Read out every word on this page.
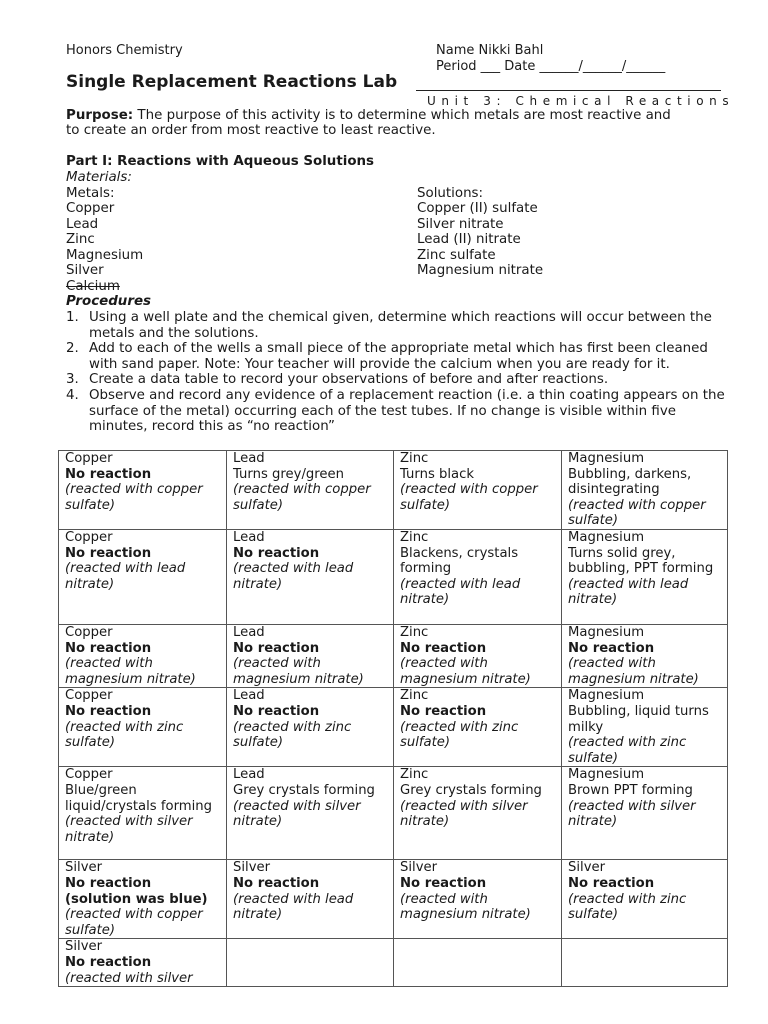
Honors Chemistry	Name Nikki Bahl
Period ___ Date ______/______/______
Single Replacement Reactions Lab
Unit 3: Chemical Reactions
Purpose: The purpose of this activity is to determine which metals are most reactive and
to create an order from most reactive to least reactive.
Part I: Reactions with Aqueous Solutions
Materials:
Metals:
Copper
Lead
Zinc
Magnesium
Silver
Calcium
Solutions:
Copper (II) sulfate
Silver nitrate
Lead (II) nitrate
Zinc sulfate
Magnesium nitrate
Procedures
1. Using a well plate and the chemical given, determine which reactions will occur between the metals and the solutions.
2. Add to each of the wells a small piece of the appropriate metal which has first been cleaned with sand paper. Note: Your teacher will provide the calcium when you are ready for it.
3. Create a data table to record your observations of before and after reactions.
4. Observe and record any evidence of a replacement reaction (i.e. a thin coating appears on the surface of the metal) occurring each of the test tubes. If no change is visible within five minutes, record this as “no reaction”
Copper
No reaction
(reacted with copper sulfate)	Lead
Turns grey/green
(reacted with copper sulfate)	Zinc
Turns black
(reacted with copper sulfate)	Magnesium
Bubbling, darkens, disintegrating
(reacted with copper sulfate)

Copper
No reaction
(reacted with lead nitrate)	Lead
No reaction
(reacted with lead nitrate)	Zinc
Blackens, crystals forming
(reacted with lead nitrate)	Magnesium
Turns solid grey, bubbling, PPT forming
(reacted with lead nitrate)

Copper
No reaction
(reacted with magnesium nitrate)	Lead
No reaction
(reacted with magnesium nitrate)	Zinc
No reaction
(reacted with magnesium nitrate)	Magnesium
No reaction
(reacted with magnesium nitrate)

Copper
No reaction
(reacted with zinc sulfate)	Lead
No reaction
(reacted with zinc sulfate)	Zinc
No reaction
(reacted with zinc sulfate)	Magnesium
Bubbling, liquid turns milky
(reacted with zinc sulfate)

Copper
Blue/green liquid/crystals forming
(reacted with silver nitrate)	Lead
Grey crystals forming
(reacted with silver nitrate)	Zinc
Grey crystals forming
(reacted with silver nitrate)	Magnesium
Brown PPT forming
(reacted with silver nitrate)

Silver
No reaction (solution was blue)
(reacted with copper sulfate)	Silver
No reaction
(reacted with lead nitrate)	Silver
No reaction
(reacted with magnesium nitrate)	Silver
No reaction
(reacted with zinc sulfate)

Silver
No reaction
(reacted with silver			
